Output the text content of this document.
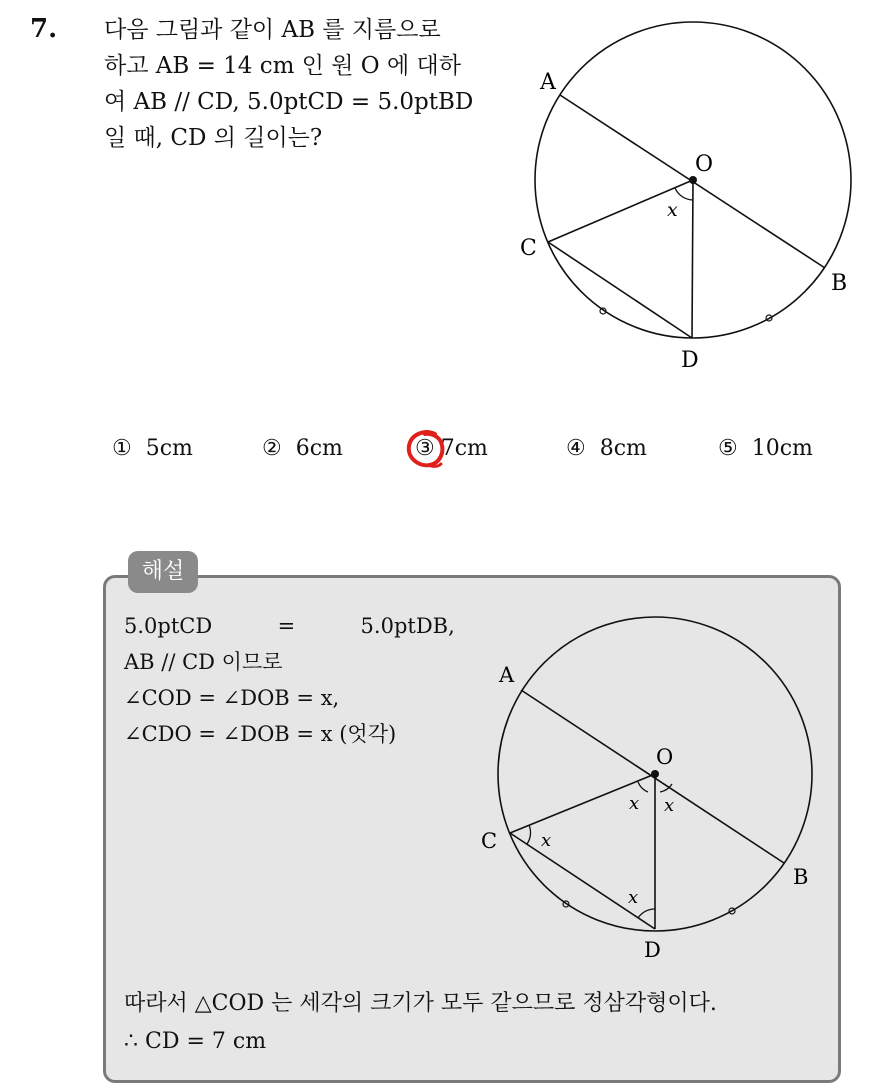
7. 다음 그림과 같이 AB 를 지름으로
하고 AB = 14 cm 인 원 O 에 대하
여 AB // CD, 5.0ptCD = 5.0ptBD
일 때, CD 의 길이는?
A
B
C
D
O
x
① 5cm	② 6cm	③ 7cm	④ 8cm	⑤ 10cm
해설
5.0ptCD	=	5.0ptDB,
AB // CD 이므로
∠COD = ∠DOB = x,
∠CDO = ∠DOB = x (엇각)
A
B
C
D
O
x x
x
x
따라서 △COD 는 세각의 크기가 모두 같으므로 정삼각형이다.
∴ CD = 7 cm
